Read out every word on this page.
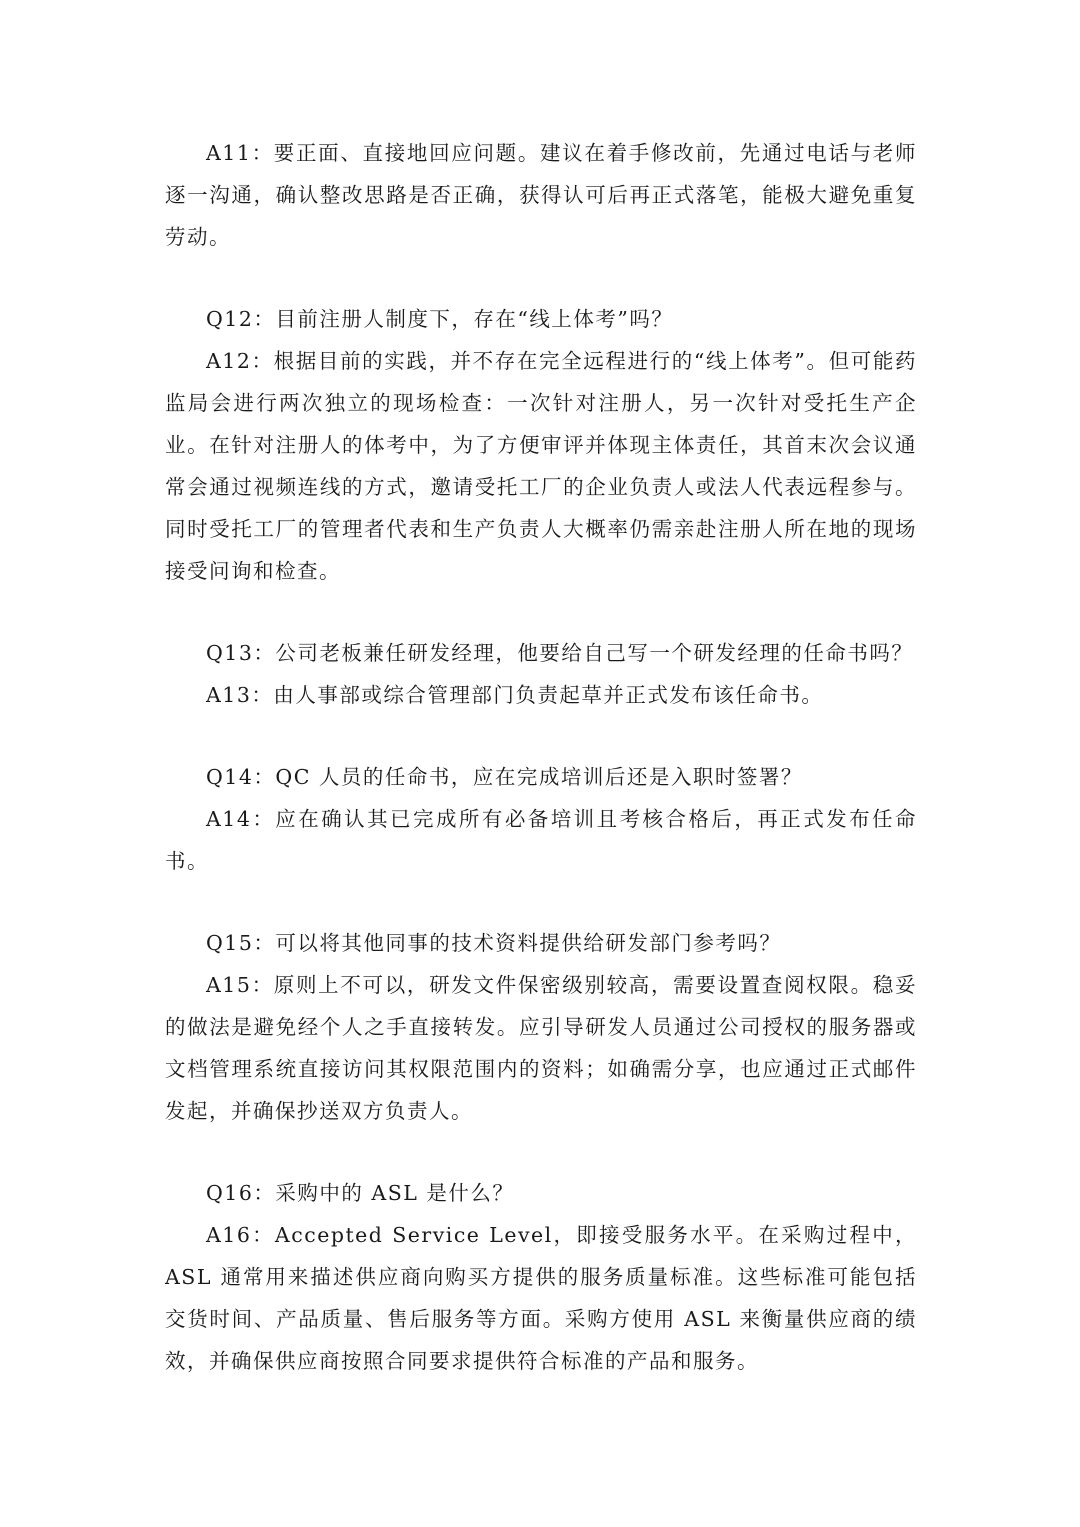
A11：要正面、直接地回应问题。建议在着手修改前，先通过电话与老师逐一沟通，确认整改思路是否正确，获得认可后再正式落笔，能极大避免重复劳动。

Q12：目前注册人制度下，存在“线上体考”吗？

A12：根据目前的实践，并不存在完全远程进行的“线上体考”。但可能药监局会进行两次独立的现场检查：一次针对注册人，另一次针对受托生产企业。在针对注册人的体考中，为了方便审评并体现主体责任，其首末次会议通常会通过视频连线的方式，邀请受托工厂的企业负责人或法人代表远程参与。同时受托工厂的管理者代表和生产负责人大概率仍需亲赴注册人所在地的现场接受问询和检查。

Q13：公司老板兼任研发经理，他要给自己写一个研发经理的任命书吗？

A13：由人事部或综合管理部门负责起草并正式发布该任命书。

Q14：QC 人员的任命书，应在完成培训后还是入职时签署？

A14：应在确认其已完成所有必备培训且考核合格后，再正式发布任命书。

Q15：可以将其他同事的技术资料提供给研发部门参考吗？

A15：原则上不可以，研发文件保密级别较高，需要设置查阅权限。稳妥的做法是避免经个人之手直接转发。应引导研发人员通过公司授权的服务器或文档管理系统直接访问其权限范围内的资料；如确需分享，也应通过正式邮件发起，并确保抄送双方负责人。

Q16：采购中的 ASL 是什么？

A16：Accepted Service Level，即接受服务水平。在采购过程中，ASL 通常用来描述供应商向购买方提供的服务质量标准。这些标准可能包括交货时间、产品质量、售后服务等方面。采购方使用 ASL 来衡量供应商的绩效，并确保供应商按照合同要求提供符合标准的产品和服务。
